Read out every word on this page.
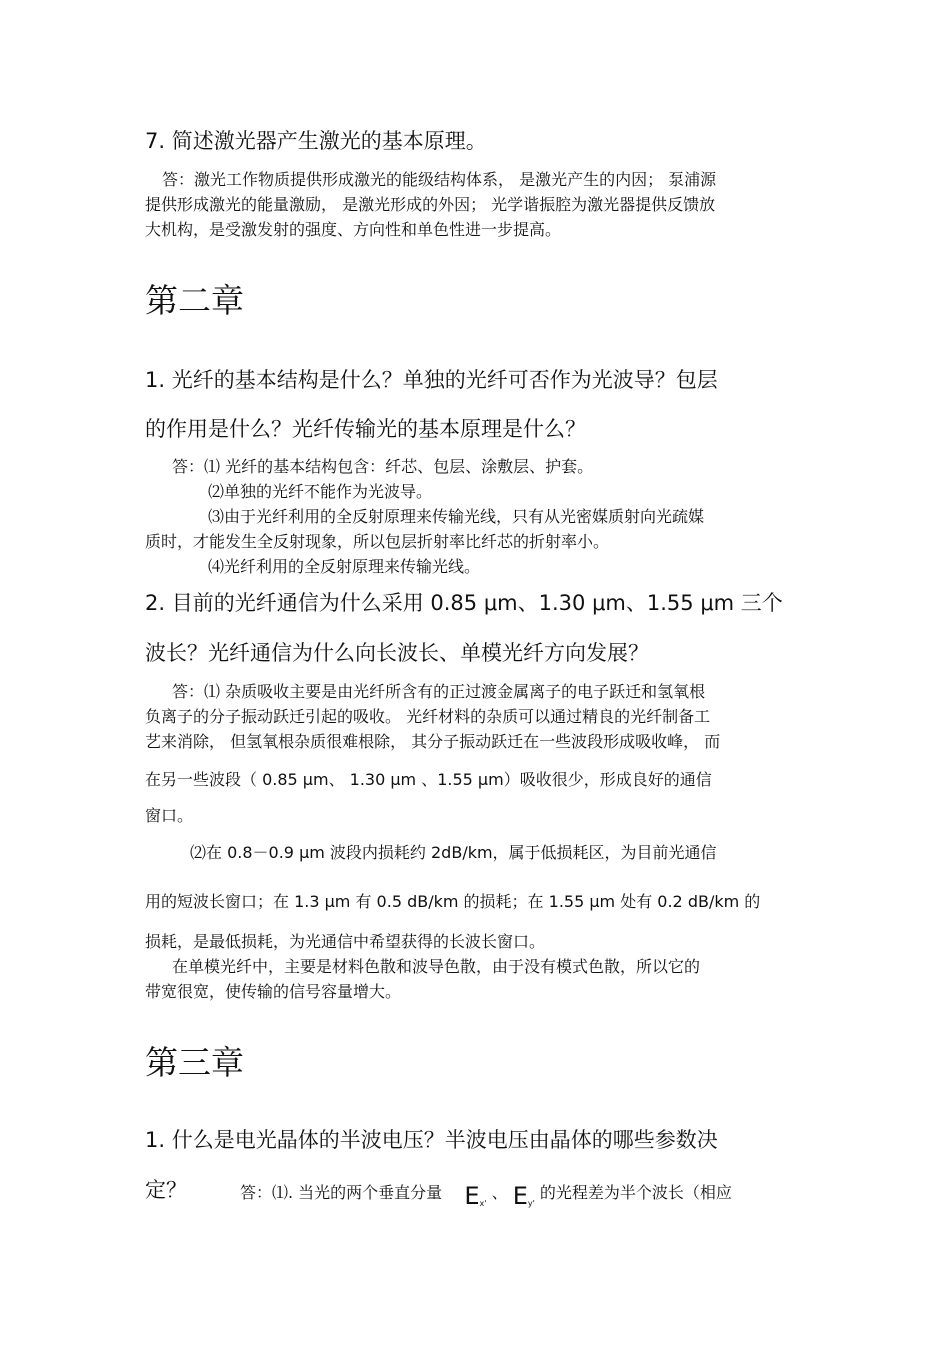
7. 简述激光器产生激光的基本原理。
答：激光工作物质提供形成激光的能级结构体系， 是激光产生的内因； 泵浦源
提供形成激光的能量激励， 是激光形成的外因； 光学谐振腔为激光器提供反馈放
大机构，是受激发射的强度、方向性和单色性进一步提高。
第二章
1. 光纤的基本结构是什么？单独的光纤可否作为光波导？包层
的作用是什么？光纤传输光的基本原理是什么？
答：⑴ 光纤的基本结构包含：纤芯、包层、涂敷层、护套。
⑵单独的光纤不能作为光波导。
⑶由于光纤利用的全反射原理来传输光线，只有从光密媒质射向光疏媒
质时，才能发生全反射现象，所以包层折射率比纤芯的折射率小。
⑷光纤利用的全反射原理来传输光线。
2. 目前的光纤通信为什么采用 0.85 μm、1.30 μm、1.55 μm 三个
波长？光纤通信为什么向长波长、单模光纤方向发展？
答：⑴ 杂质吸收主要是由光纤所含有的正过渡金属离子的电子跃迁和氢氧根
负离子的分子振动跃迁引起的吸收。 光纤材料的杂质可以通过精良的光纤制备工
艺来消除， 但氢氧根杂质很难根除， 其分子振动跃迁在一些波段形成吸收峰， 而
在另一些波段（ 0.85 μm、 1.30 μm 、1.55 μm）吸收很少，形成良好的通信
窗口。
⑵在 0.8－0.9 μm 波段内损耗约 2dB/km，属于低损耗区，为目前光通信
用的短波长窗口；在 1.3 μm 有 0.5 dB/km 的损耗；在 1.55 μm 处有 0.2 dB/km 的
损耗，是最低损耗，为光通信中希望获得的长波长窗口。
在单模光纤中，主要是材料色散和波导色散，由于没有模式色散，所以它的
带宽很宽，使传输的信号容量增大。
第三章
1. 什么是电光晶体的半波电压？半波电压由晶体的哪些参数决
定？	答：⑴. 当光的两个垂直分量 $E_{x'}$ 、 $E_{y'}$ 的光程差为半个波长（相应
